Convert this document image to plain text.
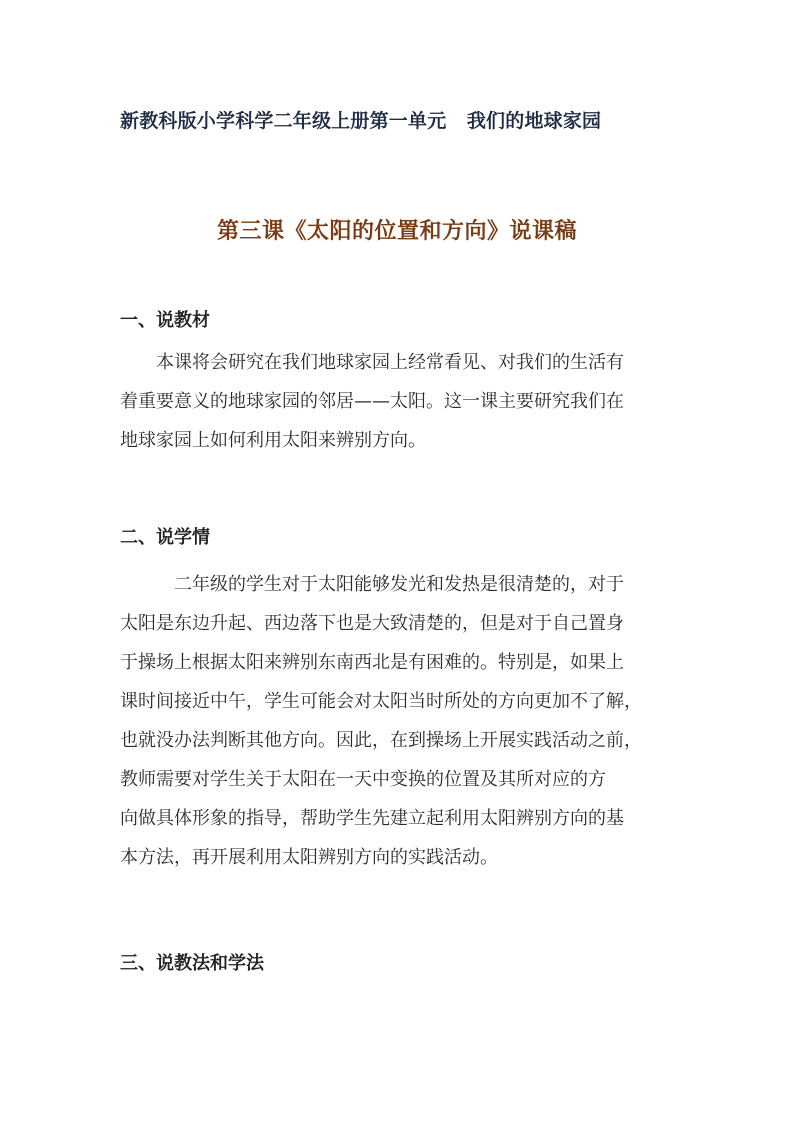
新教科版小学科学二年级上册第一单元   我们的地球家园
第三课《太阳的位置和方向》说课稿
一、说教材
　　本课将会研究在我们地球家园上经常看见、对我们的生活有
着重要意义的地球家园的邻居——太阳。这一课主要研究我们在
地球家园上如何利用太阳来辨别方向。
二、说学情
　　　二年级的学生对于太阳能够发光和发热是很清楚的，对于
太阳是东边升起、西边落下也是大致清楚的，但是对于自己置身
于操场上根据太阳来辨别东南西北是有困难的。特别是，如果上
课时间接近中午，学生可能会对太阳当时所处的方向更加不了解，
也就没办法判断其他方向。因此，在到操场上开展实践活动之前，
教师需要对学生关于太阳在一天中变换的位置及其所对应的方
向做具体形象的指导，帮助学生先建立起利用太阳辨别方向的基
本方法，再开展利用太阳辨别方向的实践活动。
三、说教法和学法
